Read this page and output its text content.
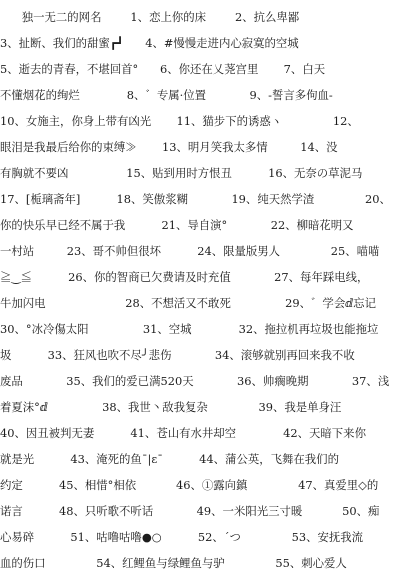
独一无二的网名        1、恋上你的床        2、抗么卑鄙
3、扯断、我们的甜蜜┏┛      4、#慢慢走进内心寂寞的空城
5、逝去的青春，不堪回首°      6、你还在乂荛宫里       7、白天
不懂烟花的绚烂             8、゛专属·位置            9、-誓言多佝血-
10、女施主，你身上带有凶光       11、猫步下的诱惑ヽ              12、
眼泪是我最后给你的束缚≫       13、明月笑我太多情         14、没
有胸就不要凶                15、贴到用时方恨丑          16、无奈の草泥马
17、[栀璃斋年]          18、笑傲浆糊            19、纯天然学渣              20、
你的快乐早已经不属于我          21、导自演°            22、柳暗花明又
一村站         23、哥不帅但很坏          24、限量版男人              25、喵喵
≧‿≦          26、你的智商已欠费请及时充值            27、每年踩电线，
牛加闪电                      28、不想活又不敢死               29、゛学会ⅆ忘记
30、°冰冷傷太阳               31、空城             32、拖拉机再垃圾也能拖垃
圾          33、狂风也吹不尽╯悲伤            34、滚够就别再回来我不收
废品            35、我们的爱已满520天            36、帅瘸晚期            37、浅
着夏沫°ⅆ               38、我世丶敌我复杂              39、我是单身汪
40、因丑被判无妻          41、苍山有水井却空             42、天暗下来你
就是光          43、淹死的鱼ˉ|ε¯          44、蒲公英，飞舞在我们的
约定          45、相惜°相依           46、①露向鎮              47、真爱里◇的
诺言          48、只听歌不听话            49、一米阳光三寸暖           50、痴
心易碎          51、咕噜咕噜●○          52、´つ              53、安抚我流
血的伤口              54、红鲤鱼与绿鲤鱼与驴              55、刺心爱人
